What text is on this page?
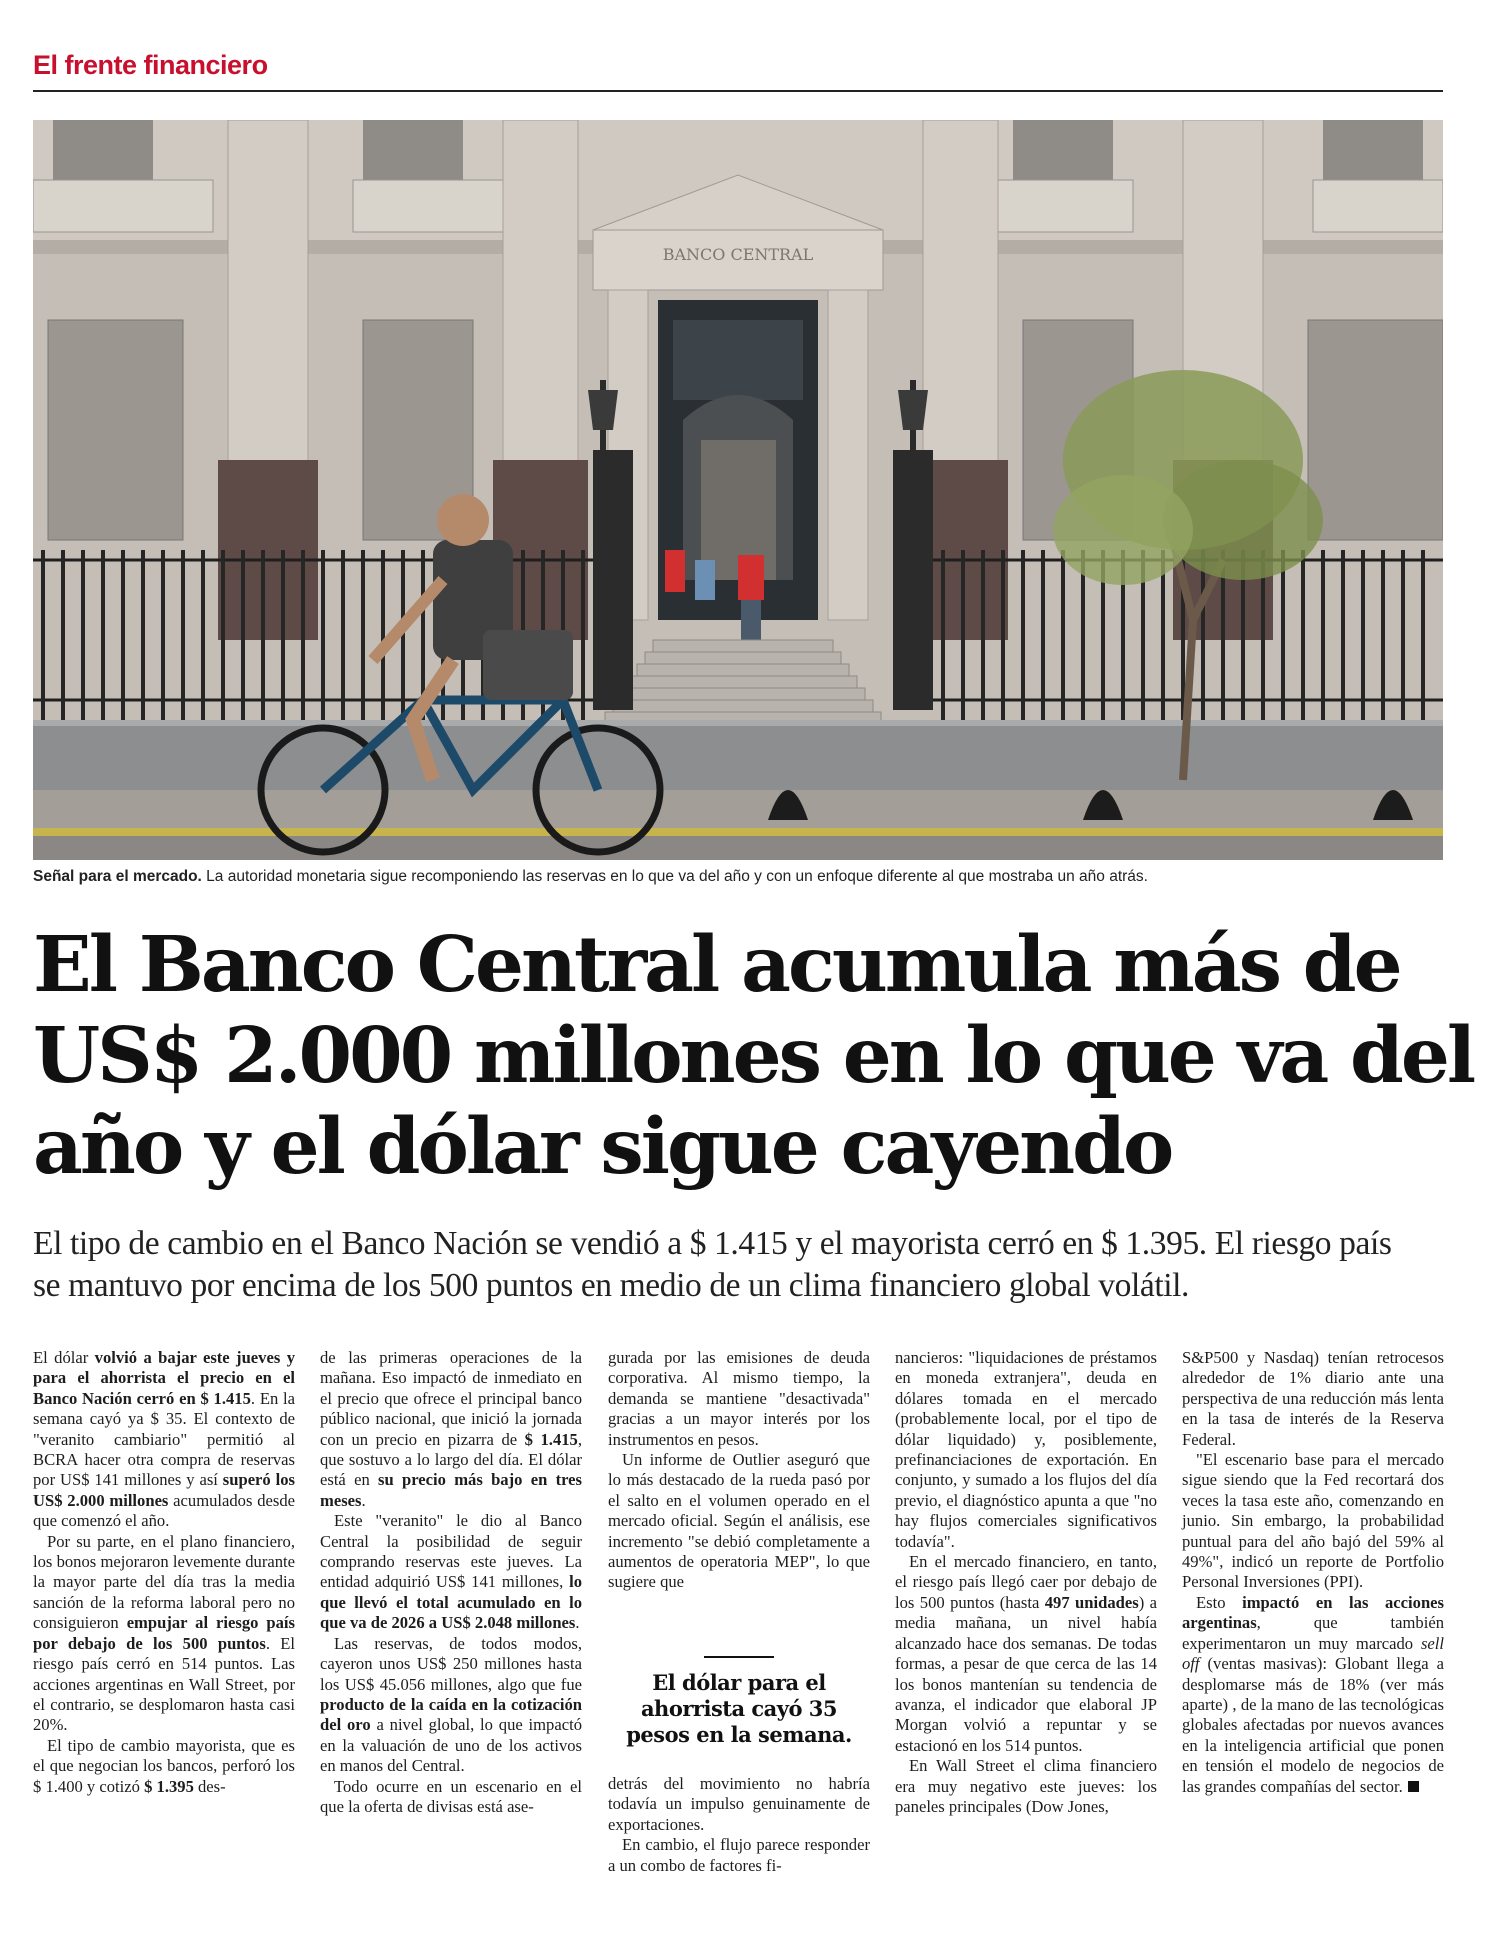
El frente financiero
BANCO CENTRAL
Señal para el mercado. La autoridad monetaria sigue recomponiendo las reservas en lo que va del año y con un enfoque diferente al que mostraba un año atrás.
El Banco Central acumula más de
US$ 2.000 millones en lo que va del
año y el dólar sigue cayendo
El tipo de cambio en el Banco Nación se vendió a $ 1.415 y el mayorista cerró en $ 1.395. El riesgo país
se mantuvo por encima de los 500 puntos en medio de un clima financiero global volátil.

El dólar volvió a bajar este jueves y para el ahorrista el precio en el Banco Nación cerró en $ 1.415. En la semana cayó ya $ 35. El contexto de "veranito cambiario" permitió al BCRA hacer otra compra de reservas por US$ 141 millones y así superó los US$ 2.000 millones acumulados desde que comenzó el año.

Por su parte, en el plano financiero, los bonos mejoraron levemente durante la mayor parte del día tras la media sanción de la reforma laboral pero no consiguieron empujar al riesgo país por debajo de los 500 puntos. El riesgo país cerró en 514 puntos. Las acciones argentinas en Wall Street, por el contrario, se desplomaron hasta casi 20%.

El tipo de cambio mayorista, que es el que negocian los bancos, perforó los $ 1.400 y cotizó $ 1.395 des-

de las primeras operaciones de la mañana. Eso impactó de inmediato en el precio que ofrece el principal banco público nacional, que inició la jornada con un precio en pizarra de $ 1.415, que sostuvo a lo largo del día. El dólar está en su precio más bajo en tres meses.

Este "veranito" le dio al Banco Central la posibilidad de seguir comprando reservas este jueves. La entidad adquirió US$ 141 millones, lo que llevó el total acumulado en lo que va de 2026 a US$ 2.048 millones.

Las reservas, de todos modos, cayeron unos US$ 250 millones hasta los US$ 45.056 millones, algo que fue producto de la caída en la cotización del oro a nivel global, lo que impactó en la valuación de uno de los activos en manos del Central.

Todo ocurre en un escenario en el que la oferta de divisas está ase-

gurada por las emisiones de deuda corporativa. Al mismo tiempo, la demanda se mantiene "desactivada" gracias a un mayor interés por los instrumentos en pesos.

Un informe de Outlier aseguró que lo más destacado de la rueda pasó por el salto en el volumen operado en el mercado oficial. Según el análisis, ese incremento "se debió completamente a aumentos de operatoria MEP", lo que sugiere que

El dólar para el ahorrista cayó 35 pesos en la semana.

detrás del movimiento no habría todavía un impulso genuinamente de exportaciones.

En cambio, el flujo parece responder a un combo de factores fi-

nancieros: "liquidaciones de préstamos en moneda extranjera", deuda en dólares tomada en el mercado (probablemente local, por el tipo de dólar liquidado) y, posiblemente, prefinanciaciones de exportación. En conjunto, y sumado a los flujos del día previo, el diagnóstico apunta a que "no hay flujos comerciales significativos todavía".

En el mercado financiero, en tanto, el riesgo país llegó caer por debajo de los 500 puntos (hasta 497 unidades) a media mañana, un nivel había alcanzado hace dos semanas. De todas formas, a pesar de que cerca de las 14 los bonos mantenían su tendencia de avanza, el indicador que elaboral JP Morgan volvió a repuntar y se estacionó en los 514 puntos.

En Wall Street el clima financiero era muy negativo este jueves: los paneles principales (Dow Jones,

S&P500 y Nasdaq) tenían retrocesos alrededor de 1% diario ante una perspectiva de una reducción más lenta en la tasa de interés de la Reserva Federal.

"El escenario base para el mercado sigue siendo que la Fed recortará dos veces la tasa este año, comenzando en junio. Sin embargo, la probabilidad puntual para del año bajó del 59% al 49%", indicó un reporte de Portfolio Personal Inversiones (PPI).

Esto impactó en las acciones argentinas, que también experimentaron un muy marcado sell off (ventas masivas): Globant llega a desplomarse más de 18% (ver más aparte) , de la mano de las tecnológicas globales afectadas por nuevos avances en la inteligencia artificial que ponen en tensión el modelo de negocios de las grandes compañías del sector.
